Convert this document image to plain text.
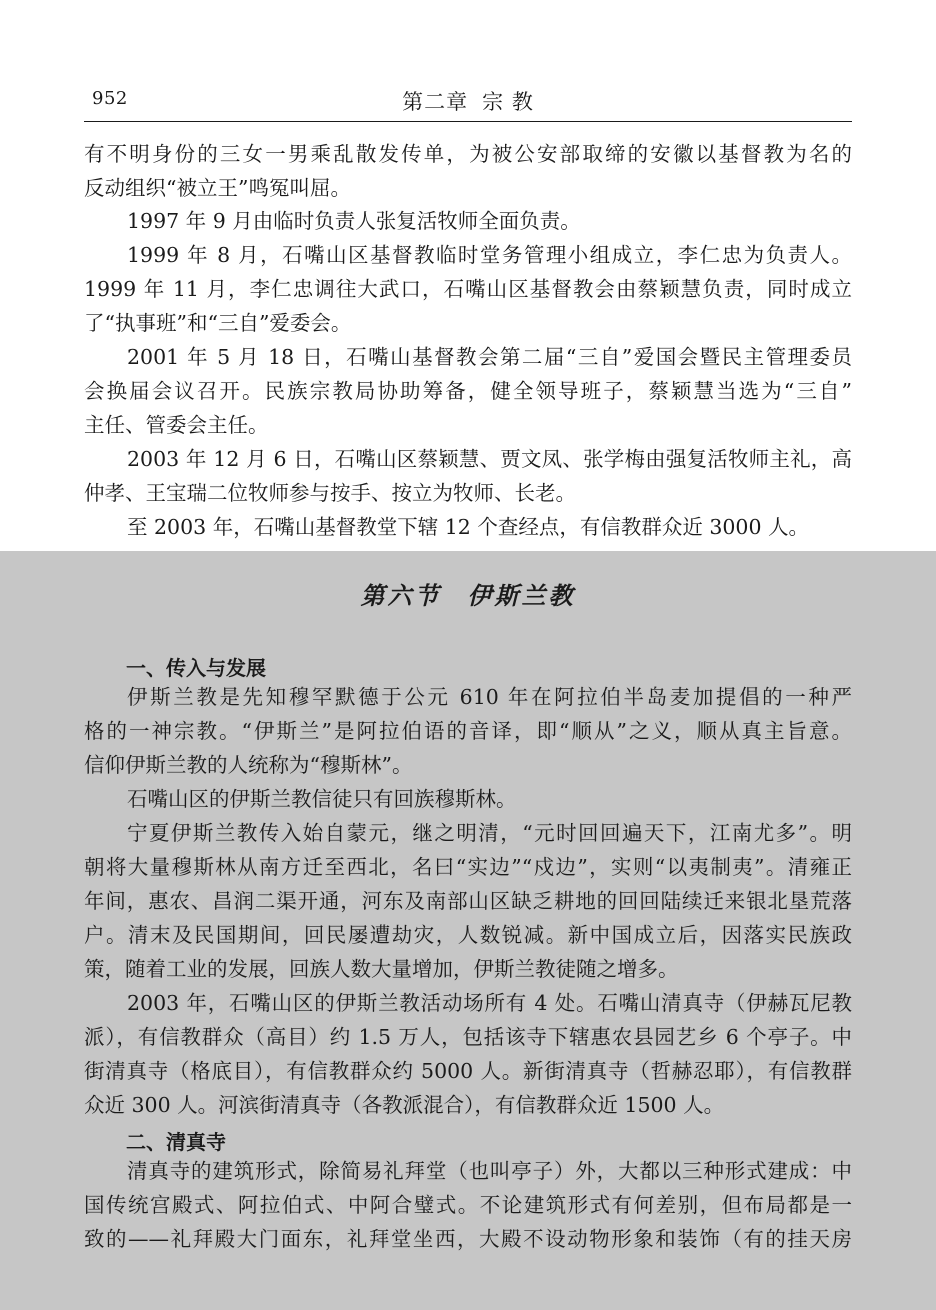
952	第二章 宗 教
有不明身份的三女一男乘乱散发传单，为被公安部取缔的安徽以基督教为名的
反动组织“被立王”鸣冤叫屈。
1997 年 9 月由临时负责人张复活牧师全面负责。
1999 年 8 月，石嘴山区基督教临时堂务管理小组成立，李仁忠为负责人。
1999 年 11 月，李仁忠调往大武口，石嘴山区基督教会由蔡颖慧负责，同时成立
了“执事班”和“三自”爱委会。
2001 年 5 月 18 日，石嘴山基督教会第二届“三自”爱国会暨民主管理委员
会换届会议召开。民族宗教局协助筹备，健全领导班子，蔡颖慧当选为“三自”
主任、管委会主任。
2003 年 12 月 6 日，石嘴山区蔡颖慧、贾文凤、张学梅由强复活牧师主礼，高
仲孝、王宝瑞二位牧师参与按手、按立为牧师、长老。
至 2003 年，石嘴山基督教堂下辖 12 个查经点，有信教群众近 3000 人。
第六节 伊斯兰教
一、传入与发展
伊斯兰教是先知穆罕默德于公元 610 年在阿拉伯半岛麦加提倡的一种严
格的一神宗教。“伊斯兰”是阿拉伯语的音译，即“顺从”之义，顺从真主旨意。
信仰伊斯兰教的人统称为“穆斯林”。
石嘴山区的伊斯兰教信徒只有回族穆斯林。
宁夏伊斯兰教传入始自蒙元，继之明清，“元时回回遍天下，江南尤多”。明
朝将大量穆斯林从南方迁至西北，名曰“实边”“戍边”，实则“以夷制夷”。清雍正
年间，惠农、昌润二渠开通，河东及南部山区缺乏耕地的回回陆续迁来银北垦荒落
户。清末及民国期间，回民屡遭劫灾，人数锐减。新中国成立后，因落实民族政
策，随着工业的发展，回族人数大量增加，伊斯兰教徒随之增多。
2003 年，石嘴山区的伊斯兰教活动场所有 4 处。石嘴山清真寺（伊赫瓦尼教
派），有信教群众（高目）约 1.5 万人，包括该寺下辖惠农县园艺乡 6 个亭子。中
街清真寺（格底目），有信教群众约 5000 人。新街清真寺（哲赫忍耶），有信教群
众近 300 人。河滨街清真寺（各教派混合），有信教群众近 1500 人。
二、清真寺
清真寺的建筑形式，除简易礼拜堂（也叫亭子）外，大都以三种形式建成：中
国传统宫殿式、阿拉伯式、中阿合璧式。不论建筑形式有何差别，但布局都是一
致的——礼拜殿大门面东，礼拜堂坐西，大殿不设动物形象和装饰（有的挂天房
